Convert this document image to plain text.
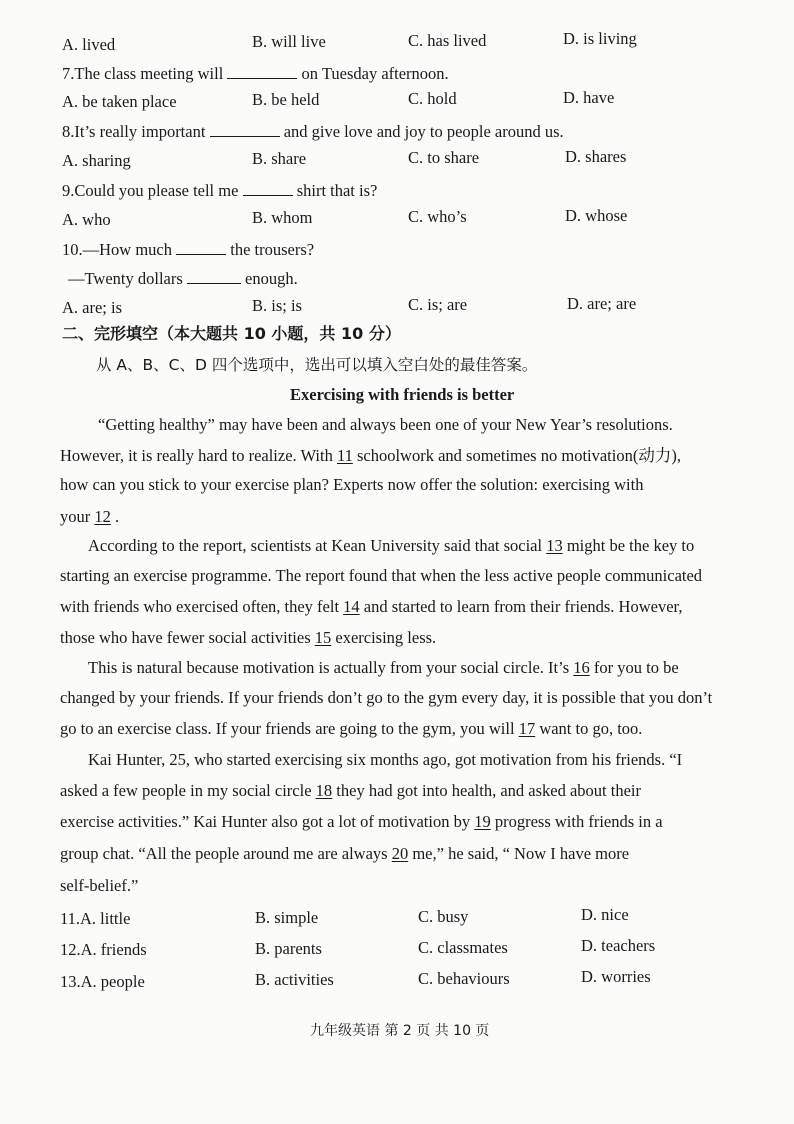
A. lived	B. will live	C. has lived	D. is living
7.The class meeting will	on Tuesday afternoon.
A. be taken place	B. be held	C. hold	D. have
8.It’s really important	and give love and joy to people around us.
A. sharing	B. share	C. to share	D. shares
9.Could you please tell me	shirt that is?
A. who	B. whom	C. who’s	D. whose
10.—How much	the trousers?
—Twenty dollars	enough.
A. are; is	B. is; is	C. is; are	D. are; are
二、完形填空（本大题共 10 小题，共 10 分）
从 A、B、C、D 四个选项中，选出可以填入空白处的最佳答案。
Exercising with friends is better
“Getting healthy” may have been and always been one of your New Year’s resolutions.
However, it is really hard to realize. With 11 schoolwork and sometimes no motivation(动力),
how can you stick to your exercise plan? Experts now offer the solution: exercising with
your 12 .
According to the report, scientists at Kean University said that social 13 might be the key to
starting an exercise programme. The report found that when the less active people communicated
with friends who exercised often, they felt 14 and started to learn from their friends. However,
those who have fewer social activities 15 exercising less.
This is natural because motivation is actually from your social circle. It’s 16 for you to be
changed by your friends. If your friends don’t go to the gym every day, it is possible that you don’t
go to an exercise class. If your friends are going to the gym, you will 17 want to go, too.
Kai Hunter, 25, who started exercising six months ago, got motivation from his friends. “I
asked a few people in my social circle 18 they had got into health, and asked about their
exercise activities.” Kai Hunter also got a lot of motivation by 19 progress with friends in a
group chat. “All the people around me are always 20 me,” he said, “ Now I have more
self-belief.”
11.A. little	B. simple	C. busy	D. nice
12.A. friends	B. parents	C. classmates	D. teachers
13.A. people	B. activities	C. behaviours	D. worries
九年级英语 第 2 页 共 10 页
